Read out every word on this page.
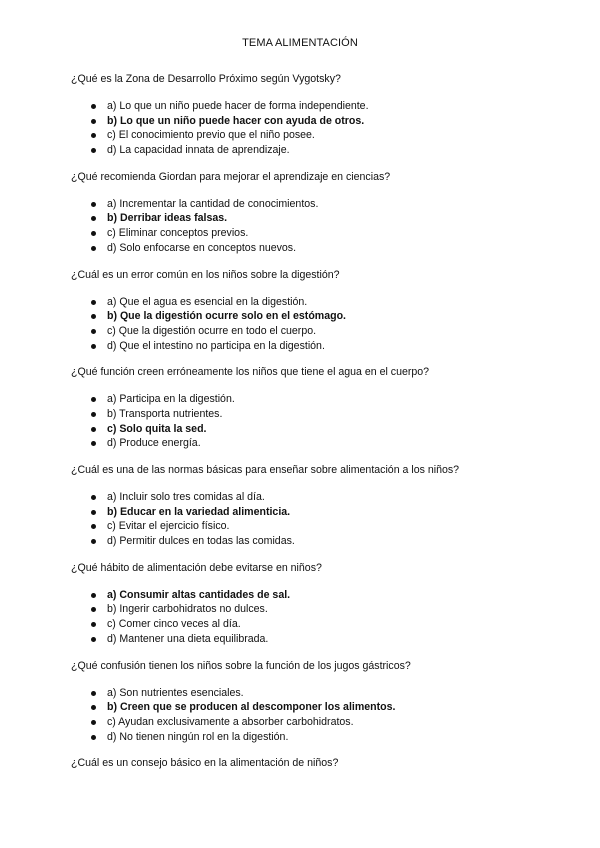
TEMA ALIMENTACIÓN
¿Qué es la Zona de Desarrollo Próximo según Vygotsky?
a) Lo que un niño puede hacer de forma independiente.
b) Lo que un niño puede hacer con ayuda de otros.
c) El conocimiento previo que el niño posee.
d) La capacidad innata de aprendizaje.
¿Qué recomienda Giordan para mejorar el aprendizaje en ciencias?
a) Incrementar la cantidad de conocimientos.
b) Derribar ideas falsas.
c) Eliminar conceptos previos.
d) Solo enfocarse en conceptos nuevos.
¿Cuál es un error común en los niños sobre la digestión?
a) Que el agua es esencial en la digestión.
b) Que la digestión ocurre solo en el estómago.
c) Que la digestión ocurre en todo el cuerpo.
d) Que el intestino no participa en la digestión.
¿Qué función creen erróneamente los niños que tiene el agua en el cuerpo?
a) Participa en la digestión.
b) Transporta nutrientes.
c) Solo quita la sed.
d) Produce energía.
¿Cuál es una de las normas básicas para enseñar sobre alimentación a los niños?
a) Incluir solo tres comidas al día.
b) Educar en la variedad alimenticia.
c) Evitar el ejercicio físico.
d) Permitir dulces en todas las comidas.
¿Qué hábito de alimentación debe evitarse en niños?
a) Consumir altas cantidades de sal.
b) Ingerir carbohidratos no dulces.
c) Comer cinco veces al día.
d) Mantener una dieta equilibrada.
¿Qué confusión tienen los niños sobre la función de los jugos gástricos?
a) Son nutrientes esenciales.
b) Creen que se producen al descomponer los alimentos.
c) Ayudan exclusivamente a absorber carbohidratos.
d) No tienen ningún rol en la digestión.
¿Cuál es un consejo básico en la alimentación de niños?
